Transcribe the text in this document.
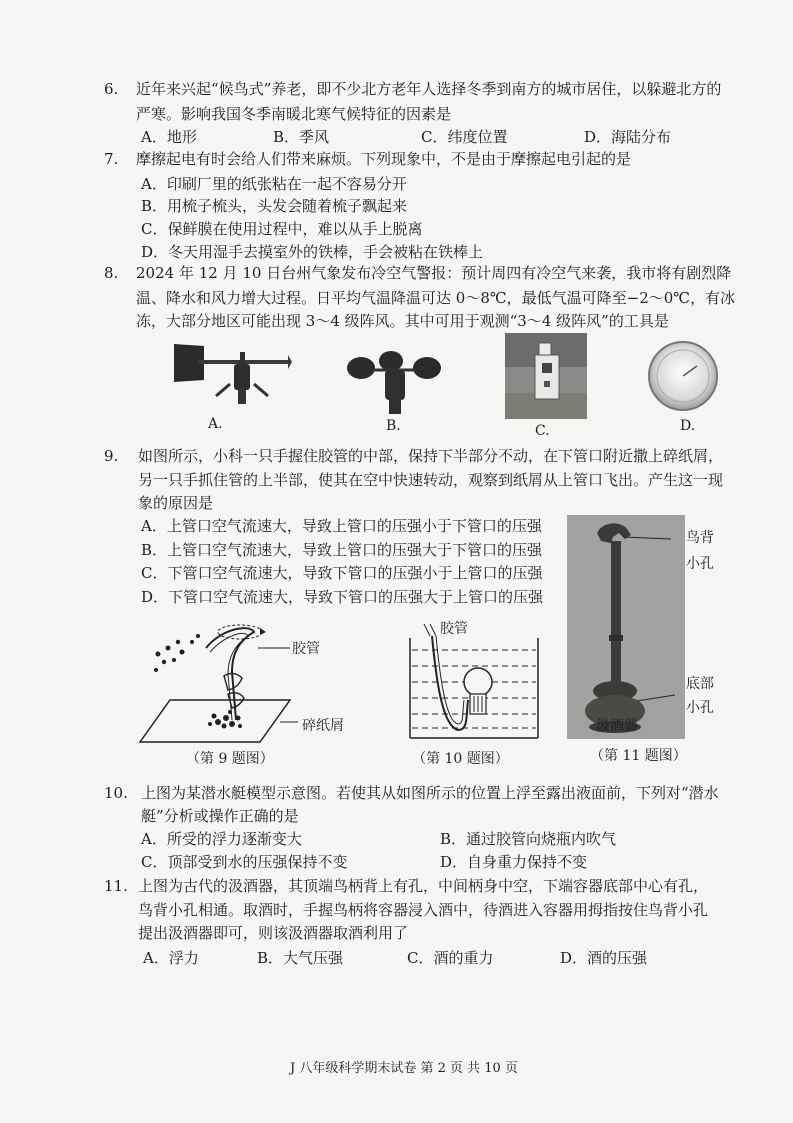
6. 近年来兴起“候鸟式”养老，即不少北方老年人选择冬季到南方的城市居住，以躲避北方的
严寒。影响我国冬季南暖北寒气候特征的因素是
A．地形	B．季风	C．纬度位置	D．海陆分布
7. 摩擦起电有时会给人们带来麻烦。下列现象中，不是由于摩擦起电引起的是
A．印刷厂里的纸张粘在一起不容易分开
B．用梳子梳头，头发会随着梳子飘起来
C．保鲜膜在使用过程中，难以从手上脱离
D．冬天用湿手去摸室外的铁棒，手会被粘在铁棒上
8. 2024 年 12 月 10 日台州气象发布冷空气警报：预计周四有冷空气来袭，我市将有剧烈降
温、降水和风力增大过程。日平均气温降温可达 0～8℃，最低气温可降至−2～0℃，有冰
冻，大部分地区可能出现 3～4 级阵风。其中可用于观测“3～4 级阵风”的工具是
A.	B.	C.	D.
9. 如图所示，小科一只手握住胶管的中部，保持下半部分不动，在下管口附近撒上碎纸屑，
另一只手抓住管的上半部，使其在空中快速转动，观察到纸屑从上管口飞出。产生这一现
象的原因是
A．上管口空气流速大，导致上管口的压强小于下管口的压强
B．上管口空气流速大，导致上管口的压强大于下管口的压强
C．下管口空气流速大，导致下管口的压强小于上管口的压强
D．下管口空气流速大，导致下管口的压强大于上管口的压强
胶管
碎纸屑
（第 9 题图）
胶管
（第 10 题图）
鸟背
小孔
底部
小孔
汲酒器
（第 11 题图）
10. 上图为某潜水艇模型示意图。若使其从如图所示的位置上浮至露出液面前，下列对“潜水
艇”分析或操作正确的是
A．所受的浮力逐渐变大	B．通过胶管向烧瓶内吹气
C．顶部受到水的压强保持不变	D．自身重力保持不变
11. 上图为古代的汲酒器，其顶端鸟柄背上有孔，中间柄身中空，下端容器底部中心有孔，
鸟背小孔相通。取酒时，手握鸟柄将容器浸入酒中，待酒进入容器用拇指按住鸟背小孔
提出汲酒器即可，则该汲酒器取酒利用了
A．浮力	B．大气压强	C．酒的重力	D．酒的压强
J 八年级科学期末试卷 第 2 页 共 10 页
